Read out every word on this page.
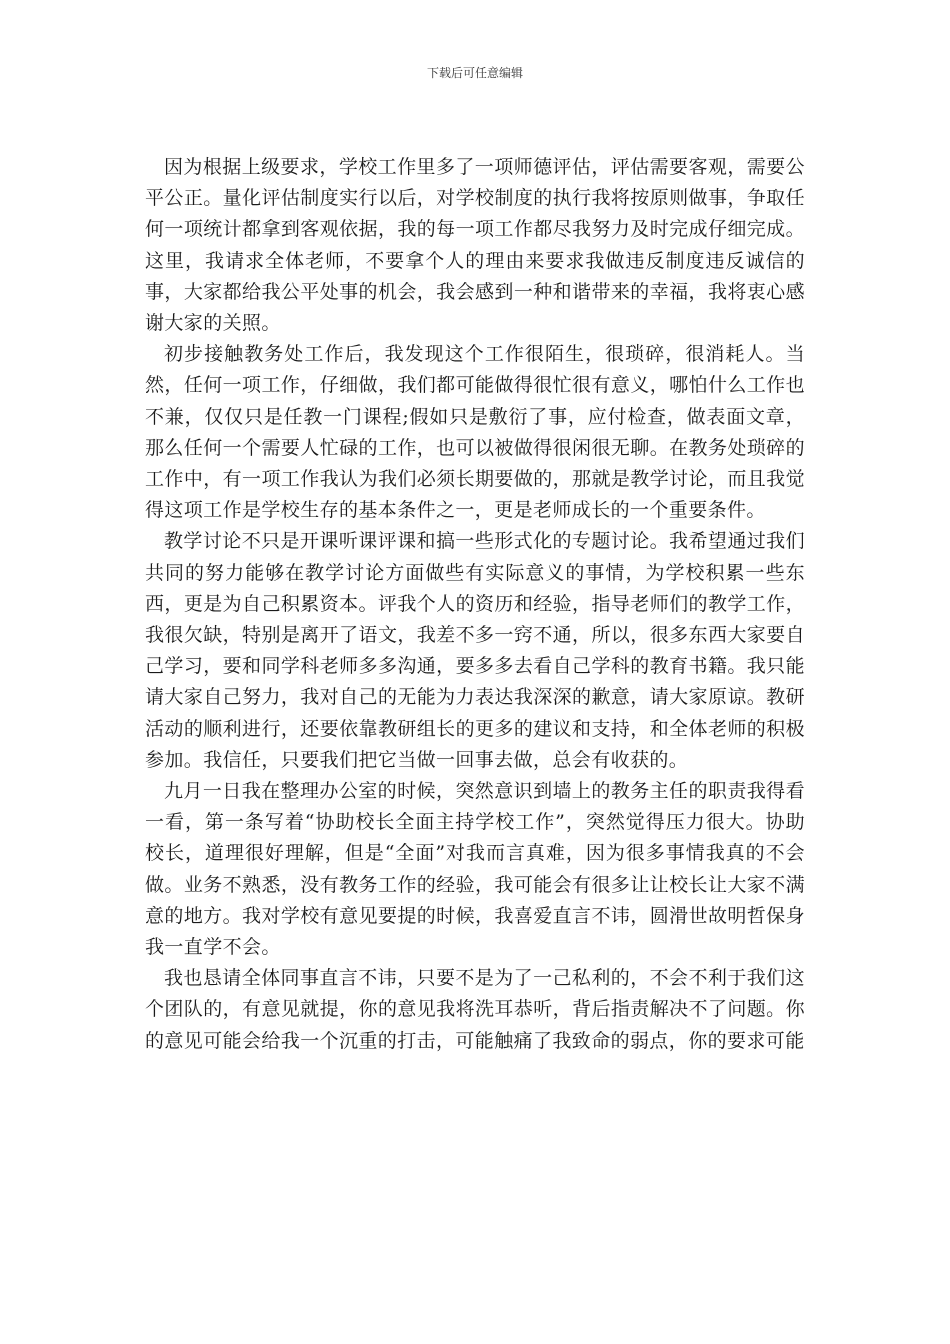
下载后可任意编辑

因为根据上级要求，学校工作里多了一项师德评估，评估需要客观，需要公平公正。量化评估制度实行以后，对学校制度的执行我将按原则做事，争取任何一项统计都拿到客观依据，我的每一项工作都尽我努力及时完成仔细完成。这里，我请求全体老师，不要拿个人的理由来要求我做违反制度违反诚信的事，大家都给我公平处事的机会，我会感到一种和谐带来的幸福，我将衷心感谢大家的关照。

初步接触教务处工作后，我发现这个工作很陌生，很琐碎，很消耗人。当然，任何一项工作，仔细做，我们都可能做得很忙很有意义，哪怕什么工作也不兼，仅仅只是任教一门课程;假如只是敷衍了事，应付检查，做表面文章，那么任何一个需要人忙碌的工作，也可以被做得很闲很无聊。在教务处琐碎的工作中，有一项工作我认为我们必须长期要做的，那就是教学讨论，而且我觉得这项工作是学校生存的基本条件之一，更是老师成长的一个重要条件。

教学讨论不只是开课听课评课和搞一些形式化的专题讨论。我希望通过我们共同的努力能够在教学讨论方面做些有实际意义的事情，为学校积累一些东西，更是为自己积累资本。评我个人的资历和经验，指导老师们的教学工作，我很欠缺，特别是离开了语文，我差不多一窍不通，所以，很多东西大家要自己学习，要和同学科老师多多沟通，要多多去看自己学科的教育书籍。我只能请大家自己努力，我对自己的无能为力表达我深深的歉意，请大家原谅。教研活动的顺利进行，还要依靠教研组长的更多的建议和支持，和全体老师的积极参加。我信任，只要我们把它当做一回事去做，总会有收获的。

九月一日我在整理办公室的时候，突然意识到墙上的教务主任的职责我得看一看，第一条写着“协助校长全面主持学校工作”，突然觉得压力很大。协助校长，道理很好理解，但是“全面”对我而言真难，因为很多事情我真的不会做。业务不熟悉，没有教务工作的经验，我可能会有很多让让校长让大家不满意的地方。我对学校有意见要提的时候，我喜爱直言不讳，圆滑世故明哲保身我一直学不会。

我也恳请全体同事直言不讳，只要不是为了一己私利的，不会不利于我们这个团队的，有意见就提，你的意见我将洗耳恭听，背后指责解决不了问题。你的意见可能会给我一个沉重的打击，可能触痛了我致命的弱点，你的要求可能
